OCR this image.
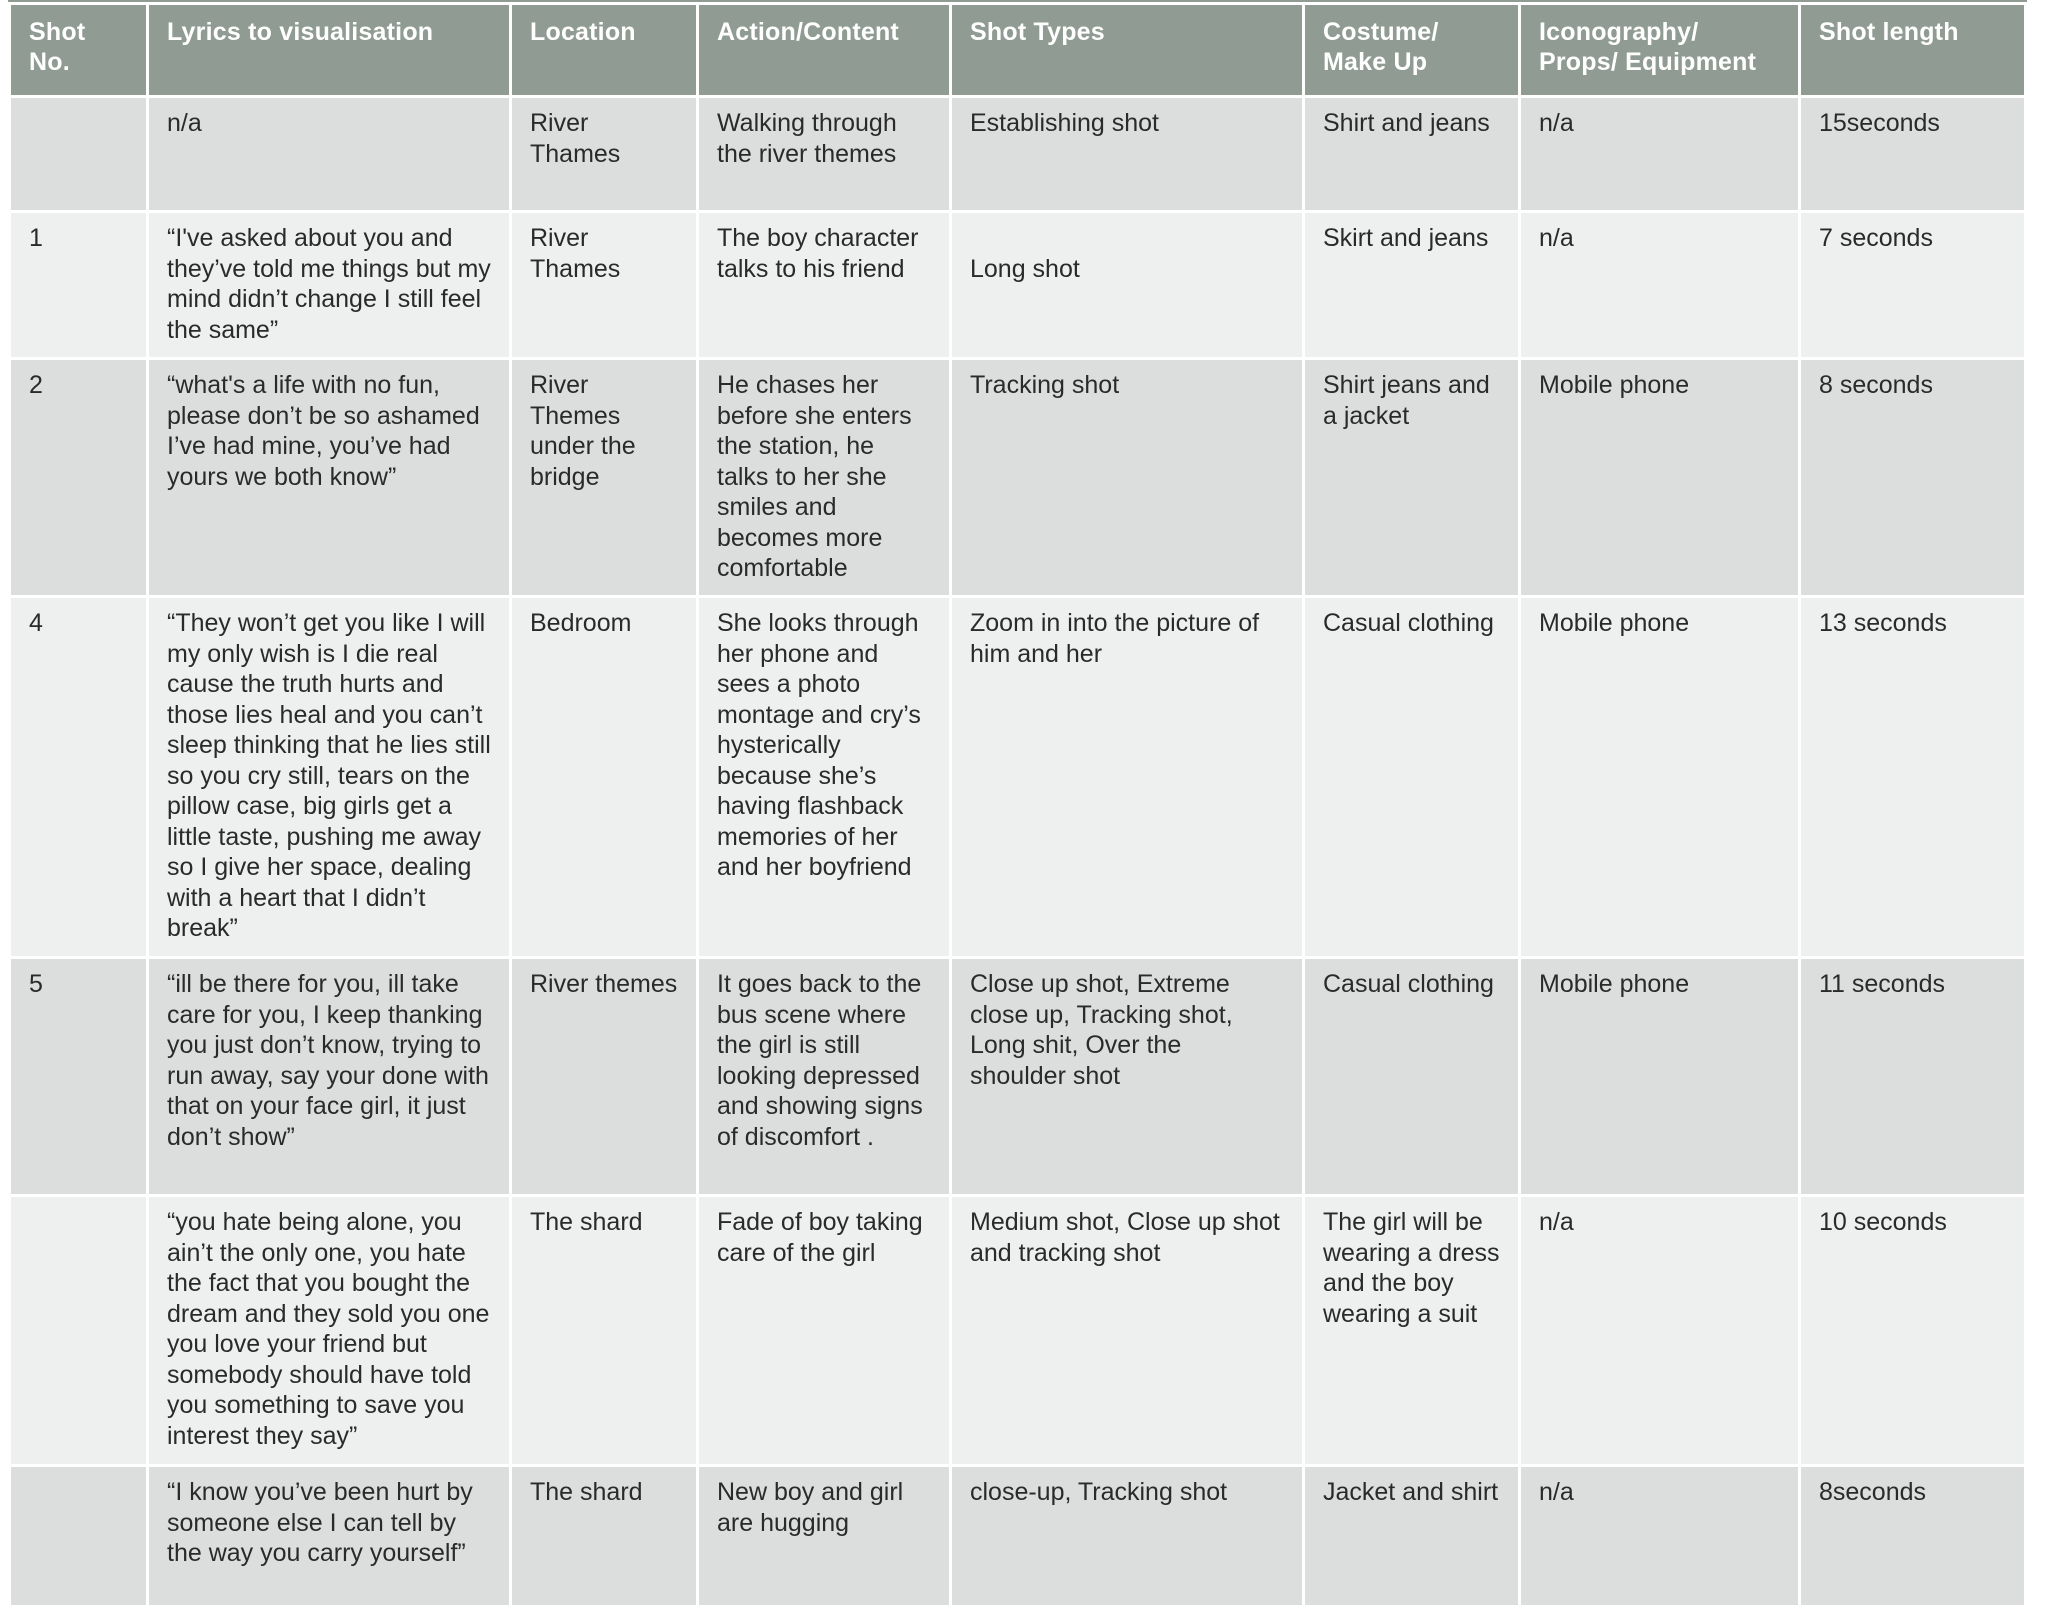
Shot No.	Lyrics to visualisation	Location	Action/Content	Shot Types	Costume/ Make Up	Iconography/ Props/ Equipment	Shot length
	n/a	River Thames	Walking through the river themes	Establishing shot	Shirt and jeans	n/a	15seconds
1	“I've asked about you and they’ve told me things but my mind didn’t change I still feel the same”	River Thames	The boy character talks to his friend	Long shot	Skirt and jeans	n/a	7 seconds
2	“what's a life with no fun, please don’t be so ashamed I’ve had mine, you’ve had yours we both know”	River Themes under the bridge	He chases her before she enters the station, he talks to her she smiles and becomes more comfortable	Tracking shot	Shirt jeans and a jacket	Mobile phone	8 seconds
4	“They won’t get you like I will my only wish is I die real cause the truth hurts and those lies heal and you can’t sleep thinking that he lies still so you cry still, tears on the pillow case, big girls get a little taste, pushing me away so I give her space, dealing with a heart that I didn’t break”	Bedroom	She looks through her phone and sees a photo montage and cry’s hysterically because she’s having flashback memories of her and her boyfriend	Zoom in into the picture of him and her	Casual clothing	Mobile phone	13 seconds
5	“ill be there for you, ill take care for you, I keep thanking you just don’t know, trying to run away, say your done with that on your face girl, it just don’t show”	River themes	It goes back to the bus scene where the girl is still looking depressed and showing signs of discomfort .	Close up shot, Extreme close up, Tracking shot, Long shit, Over the shoulder shot	Casual clothing	Mobile phone	11 seconds
	“you hate being alone, you ain’t the only one, you hate the fact that you bought the dream and they sold you one you love your friend but somebody should have told you something to save you interest they say”	The shard	Fade of boy taking care of the girl	Medium shot, Close up shot and tracking shot	The girl will be wearing a dress and the boy wearing a suit	n/a	10 seconds
	“I know you’ve been hurt by someone else I can tell by the way you carry yourself”	The shard	New boy and girl are hugging	close-up, Tracking shot	Jacket and shirt	n/a	8seconds
